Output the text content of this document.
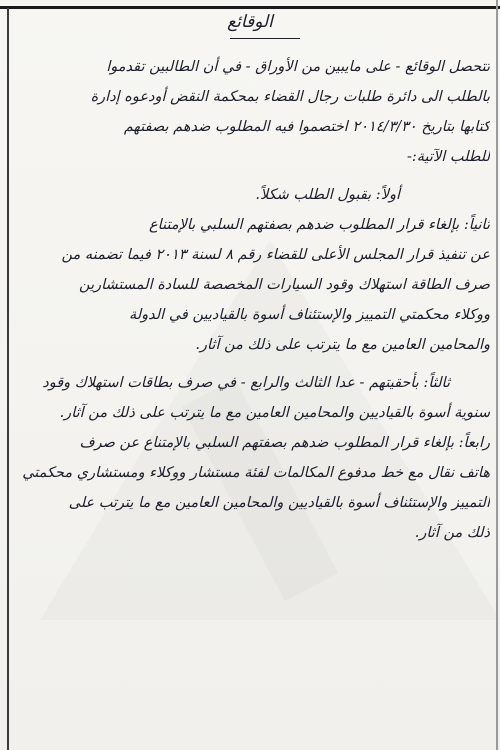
الوقائع
تتحصل الوقائع - على مايبين من الأوراق - في أن الطالبين تقدموا
بالطلب الى دائرة طلبات رجال القضاء بمحكمة النقض أودعوه إدارة
كتابها بتاريخ ٢٠١٤/٣/٣٠ اختصموا فيه المطلوب ضدهم بصفتهم
للطلب الآتية:-
أولاً: بقبول الطلب شكلاً.
ثانياً: بإلغاء قرار المطلوب ضدهم بصفتهم السلبي بالإمتناع
عن تنفيذ قرار المجلس الأعلى للقضاء رقم ٨ لسنة ٢٠١٣ فيما تضمنه من
صرف الطاقة استهلاك وقود السيارات المخصصة للسادة المستشارين
ووكلاء محكمتي التمييز والإستئناف أسوة بالقياديين في الدولة
والمحامين العامين مع ما يترتب على ذلك من آثار.
ثالثاً: بأحقيتهم - عدا الثالث والرابع - في صرف بطاقات استهلاك وقود
سنوية أسوة بالقياديين والمحامين العامين مع ما يترتب على ذلك من آثار.
رابعاً: بإلغاء قرار المطلوب ضدهم بصفتهم السلبي بالإمتناع عن صرف
هاتف نقال مع خط مدفوع المكالمات لفئة مستشار ووكلاء ومستشاري محكمتي
التمييز والإستئناف أسوة بالقياديين والمحامين العامين مع ما يترتب على
ذلك من آثار.
